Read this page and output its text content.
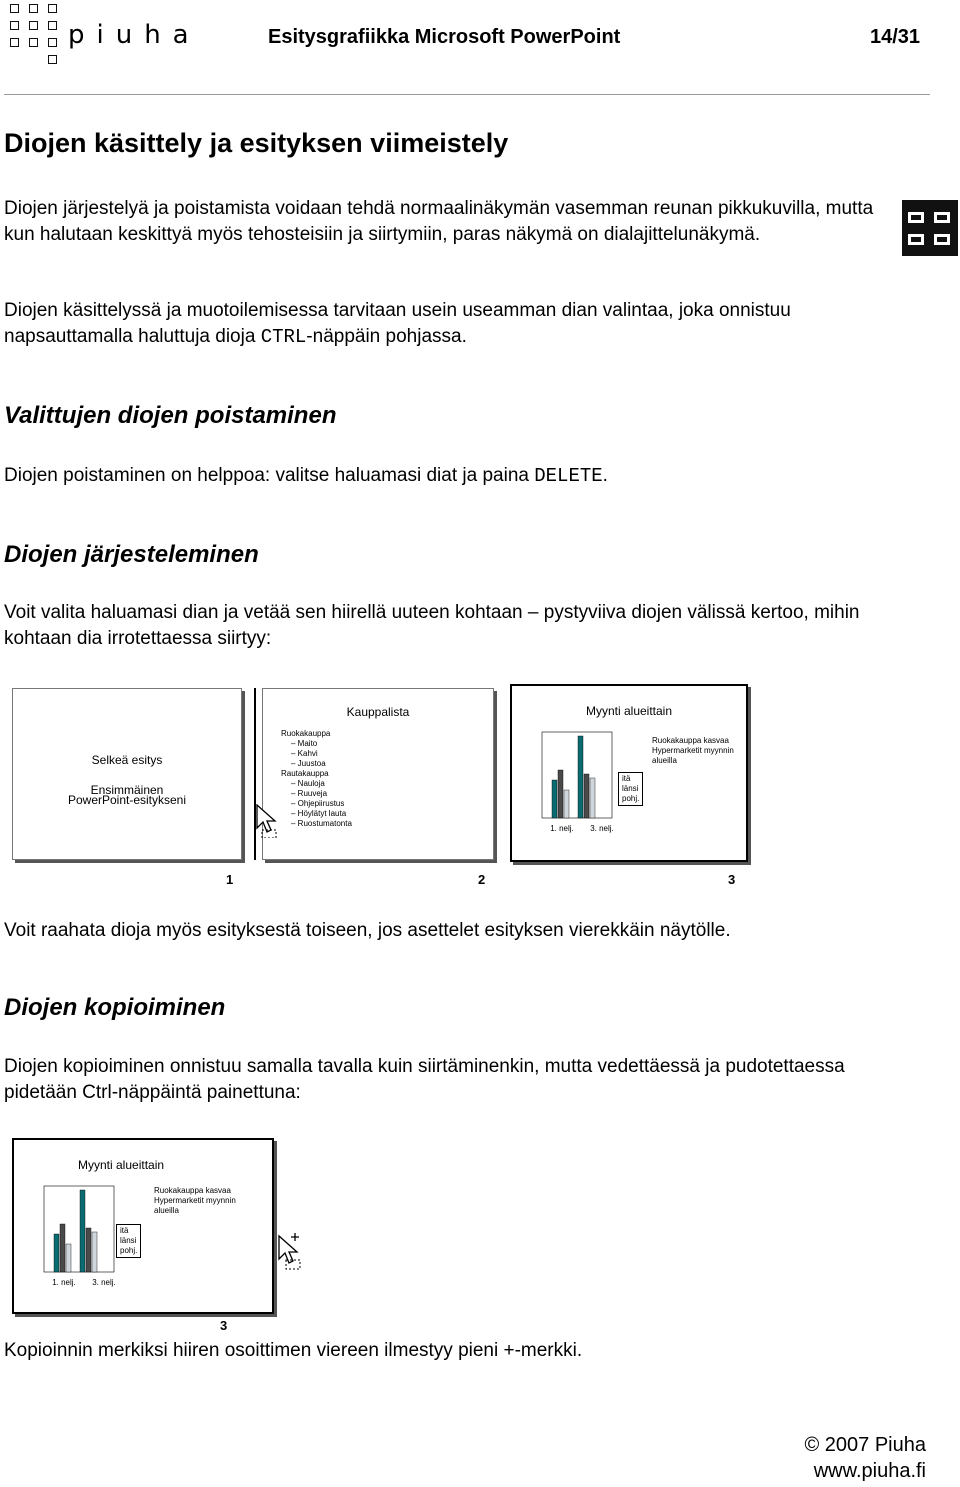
piuha	Esitysgrafiikka Microsoft PowerPoint	14/31
Diojen käsittely ja esityksen viimeistely
Diojen järjestelyä ja poistamista voidaan tehdä normaalinäkymän vasemman reunan pikkukuvilla, mutta kun halutaan keskittyä myös tehosteisiin ja siirtymiin, paras näkymä on dialajittelunäkymä.
Diojen käsittelyssä ja muotoilemisessa tarvitaan usein useamman dian valintaa, joka onnistuu napsauttamalla haluttuja dioja CTRL-näppäin pohjassa.
Valittujen diojen poistaminen
Diojen poistaminen on helppoa: valitse haluamasi diat ja paina DELETE.
Diojen järjesteleminen
Voit valita haluamasi dian ja vetää sen hiirellä uuteen kohtaan – pystyviiva diojen välissä kertoo, mihin kohtaan dia irrotettaessa siirtyy:
Selkeä esitys
Ensimmäinen PowerPoint-esitykseni
1
Kauppalista
Ruokakauppa
– Maito
– Kahvi
– Juustoa
Rautakauppa
– Nauloja
– Ruuveja
– Ohjepiirustus
– Höylätyt lauta
– Ruostumatonta
2
Myynti alueittain
Ruokakauppa kasvaa
Hypermarketit myynnin alueilla
itä
länsi
pohj.
1. nelj. 3. nelj.
3
Voit raahata dioja myös esityksestä toiseen, jos asettelet esityksen vierekkäin näytölle.
Diojen kopioiminen
Diojen kopioiminen onnistuu samalla tavalla kuin siirtäminenkin, mutta vedettäessä ja pudotettaessa pidetään Ctrl-näppäintä painettuna:
Myynti alueittain
Ruokakauppa kasvaa
Hypermarketit myynnin alueilla
itä
länsi
pohj.
1. nelj. 3. nelj.
3
Kopioinnin merkiksi hiiren osoittimen viereen ilmestyy pieni +-merkki.
© 2007 Piuha
www.piuha.fi
